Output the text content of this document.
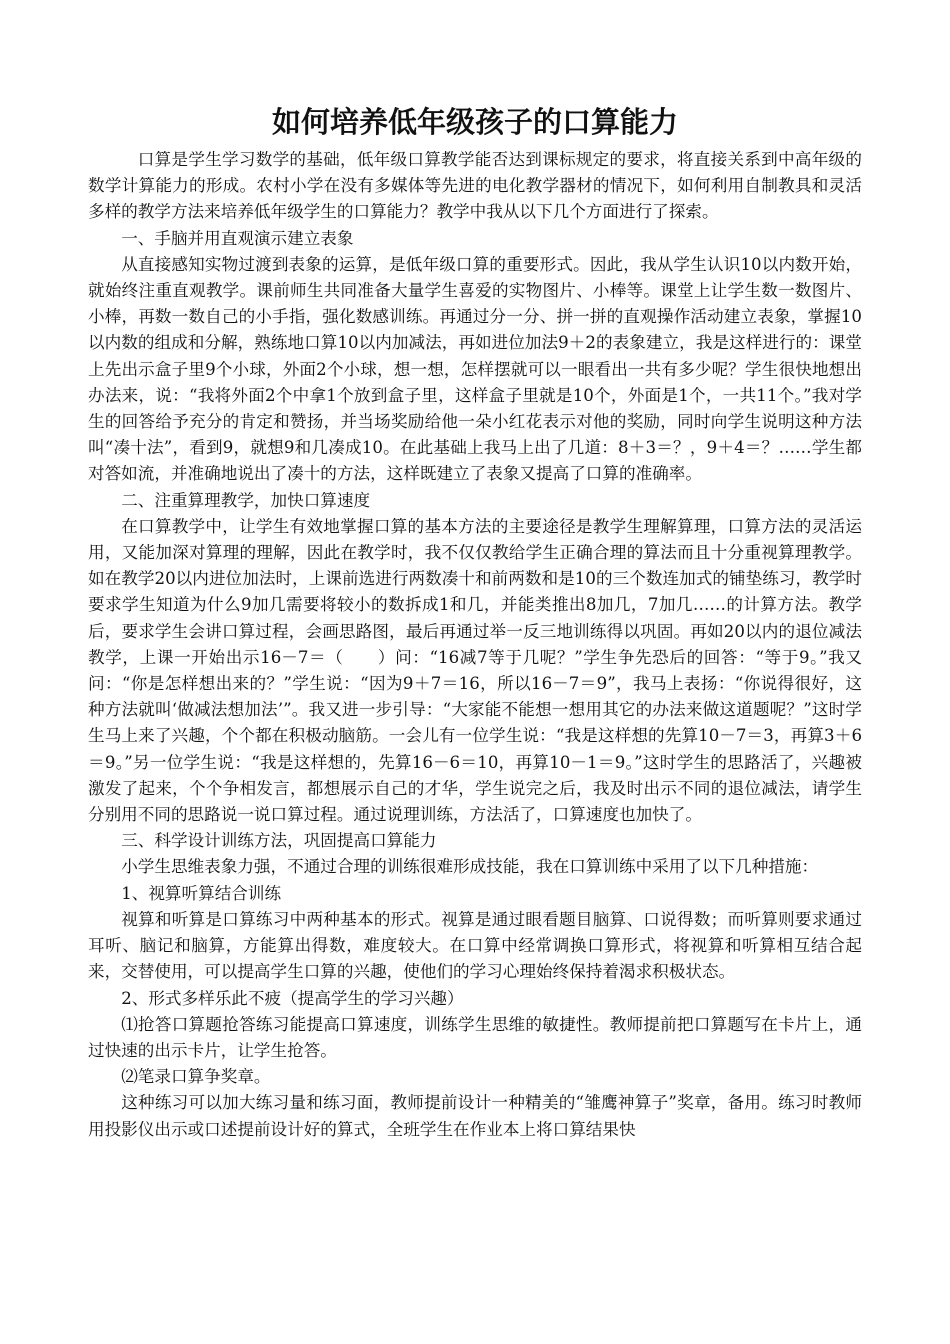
如何培养低年级孩子的口算能力

口算是学生学习数学的基础，低年级口算教学能否达到课标规定的要求，将直接关系到中高年级的数学计算能力的形成。农村小学在没有多媒体等先进的电化教学器材的情况下，如何利用自制教具和灵活多样的教学方法来培养低年级学生的口算能力？教学中我从以下几个方面进行了探索。

一、手脑并用直观演示建立表象

从直接感知实物过渡到表象的运算，是低年级口算的重要形式。因此，我从学生认识10以内数开始，就始终注重直观教学。课前师生共同准备大量学生喜爱的实物图片、小棒等。课堂上让学生数一数图片、小棒，再数一数自己的小手指，强化数感训练。再通过分一分、拼一拼的直观操作活动建立表象，掌握10以内数的组成和分解，熟练地口算10以内加减法，再如进位加法9＋2的表象建立，我是这样进行的：课堂上先出示盒子里9个小球，外面2个小球，想一想，怎样摆就可以一眼看出一共有多少呢？学生很快地想出办法来，说：“我将外面2个中拿1个放到盒子里，这样盒子里就是10个，外面是1个，一共11个。”我对学生的回答给予充分的肯定和赞扬，并当场奖励给他一朵小红花表示对他的奖励，同时向学生说明这种方法叫“凑十法”，看到9，就想9和几凑成10。在此基础上我马上出了几道：8＋3＝？，9＋4＝？……学生都对答如流，并准确地说出了凑十的方法，这样既建立了表象又提高了口算的准确率。

二、注重算理教学，加快口算速度

在口算教学中，让学生有效地掌握口算的基本方法的主要途径是教学生理解算理，口算方法的灵活运用，又能加深对算理的理解，因此在教学时，我不仅仅教给学生正确合理的算法而且十分重视算理教学。如在教学20以内进位加法时，上课前选进行两数凑十和前两数和是10的三个数连加式的铺垫练习，教学时要求学生知道为什么9加几需要将较小的数拆成1和几，并能类推出8加几，7加几……的计算方法。教学后，要求学生会讲口算过程，会画思路图，最后再通过举一反三地训练得以巩固。再如20以内的退位减法教学，上课一开始出示16－7＝（　　）问：“16减7等于几呢？”学生争先恐后的回答：“等于9。”我又问：“你是怎样想出来的？”学生说：“因为9＋7＝16，所以16－7＝9”，我马上表扬：“你说得很好，这种方法就叫‘做减法想加法’”。我又进一步引导：“大家能不能想一想用其它的办法来做这道题呢？”这时学生马上来了兴趣，个个都在积极动脑筋。一会儿有一位学生说：“我是这样想的先算10－7＝3，再算3＋6＝9。”另一位学生说：“我是这样想的，先算16－6＝10，再算10－1＝9。”这时学生的思路活了，兴趣被激发了起来，个个争相发言，都想展示自己的才华，学生说完之后，我及时出示不同的退位减法，请学生分别用不同的思路说一说口算过程。通过说理训练，方法活了，口算速度也加快了。

三、科学设计训练方法，巩固提高口算能力

小学生思维表象力强，不通过合理的训练很难形成技能，我在口算训练中采用了以下几种措施：

1、视算听算结合训练

视算和听算是口算练习中两种基本的形式。视算是通过眼看题目脑算、口说得数；而听算则要求通过耳听、脑记和脑算，方能算出得数，难度较大。在口算中经常调换口算形式，将视算和听算相互结合起来，交替使用，可以提高学生口算的兴趣，使他们的学习心理始终保持着渴求积极状态。

2、形式多样乐此不疲（提高学生的学习兴趣）

⑴抢答口算题抢答练习能提高口算速度，训练学生思维的敏捷性。教师提前把口算题写在卡片上，通过快速的出示卡片，让学生抢答。

⑵笔录口算争奖章。

这种练习可以加大练习量和练习面，教师提前设计一种精美的“雏鹰神算子”奖章，备用。练习时教师用投影仪出示或口述提前设计好的算式，全班学生在作业本上将口算结果快
